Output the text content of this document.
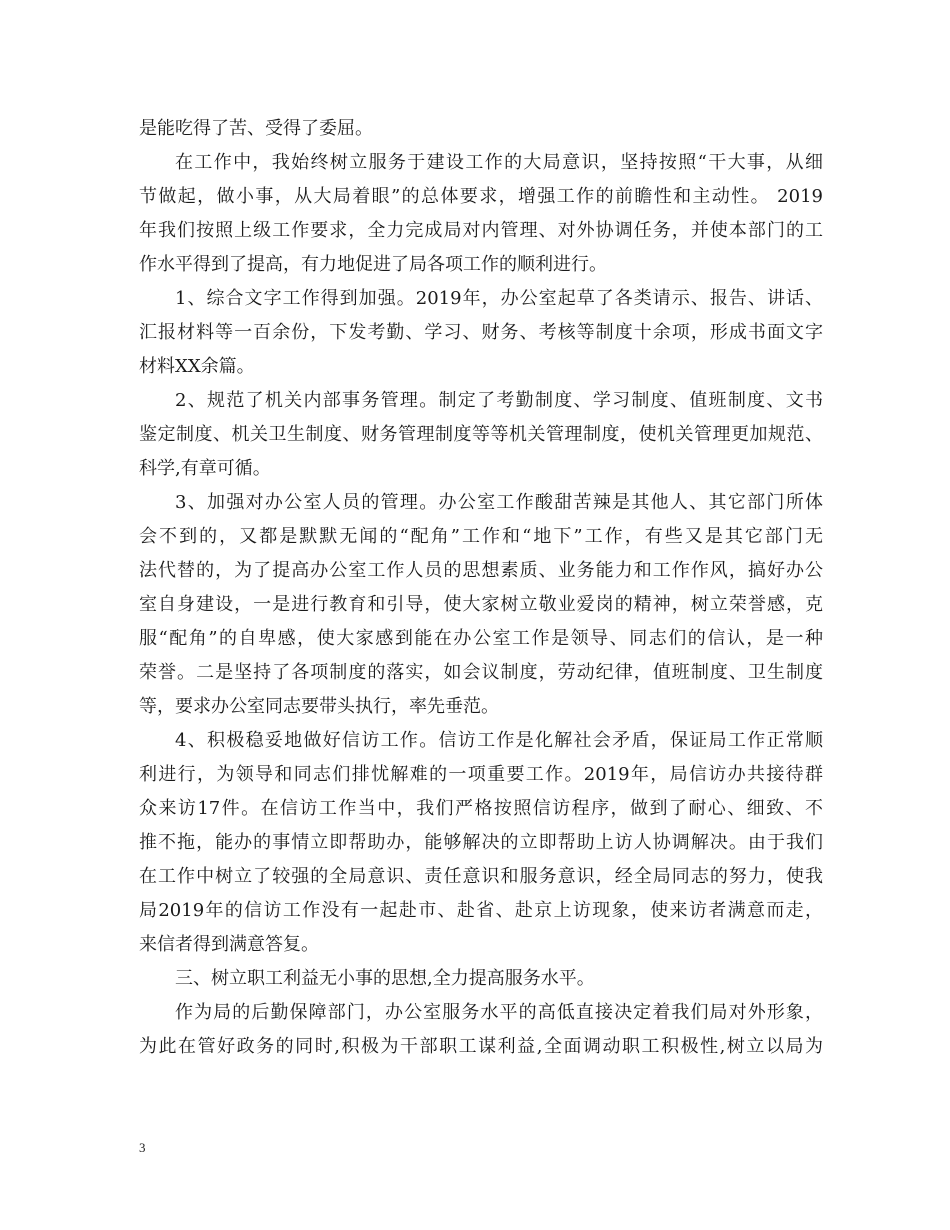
是能吃得了苦、受得了委屈。
在工作中，我始终树立服务于建设工作的大局意识，坚持按照“干大事，从细
节做起，做小事，从大局着眼”的总体要求，增强工作的前瞻性和主动性。 2019
年我们按照上级工作要求，全力完成局对内管理、对外协调任务，并使本部门的工
作水平得到了提高，有力地促进了局各项工作的顺利进行。
1、综合文字工作得到加强。2019年，办公室起草了各类请示、报告、讲话、
汇报材料等一百余份，下发考勤、学习、财务、考核等制度十余项，形成书面文字
材料XX余篇。
2、规范了机关内部事务管理。制定了考勤制度、学习制度、值班制度、文书
鉴定制度、机关卫生制度、财务管理制度等等机关管理制度，使机关管理更加规范、
科学,有章可循。
3、加强对办公室人员的管理。办公室工作酸甜苦辣是其他人、其它部门所体
会不到的，又都是默默无闻的“配角”工作和“地下”工作，有些又是其它部门无
法代替的，为了提高办公室工作人员的思想素质、业务能力和工作作风，搞好办公
室自身建设，一是进行教育和引导，使大家树立敬业爱岗的精神，树立荣誉感，克
服“配角”的自卑感，使大家感到能在办公室工作是领导、同志们的信认，是一种
荣誉。二是坚持了各项制度的落实，如会议制度，劳动纪律，值班制度、卫生制度
等，要求办公室同志要带头执行，率先垂范。
4、积极稳妥地做好信访工作。信访工作是化解社会矛盾，保证局工作正常顺
利进行，为领导和同志们排忧解难的一项重要工作。2019年，局信访办共接待群
众来访17件。在信访工作当中，我们严格按照信访程序，做到了耐心、细致、不
推不拖，能办的事情立即帮助办，能够解决的立即帮助上访人协调解决。由于我们
在工作中树立了较强的全局意识、责任意识和服务意识，经全局同志的努力，使我
局2019年的信访工作没有一起赴市、赴省、赴京上访现象，使来访者满意而走，
来信者得到满意答复。
三、树立职工利益无小事的思想,全力提高服务水平。
作为局的后勤保障部门，办公室服务水平的高低直接决定着我们局对外形象，
为此在管好政务的同时,积极为干部职工谋利益,全面调动职工积极性,树立以局为
3
